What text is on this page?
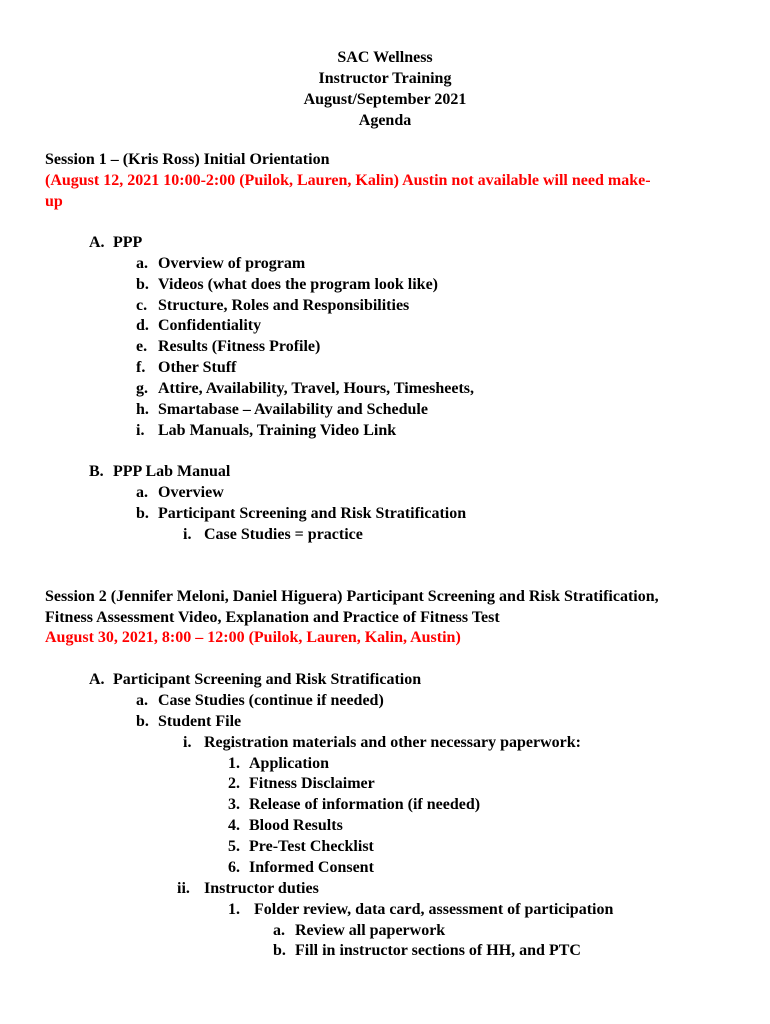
SAC Wellness
Instructor Training
August/September 2021
Agenda
Session 1 – (Kris Ross) Initial Orientation
(August 12, 2021 10:00-2:00 (Puilok, Lauren, Kalin) Austin not available will need make-
up
A. PPP
a. Overview of program
b. Videos (what does the program look like)
c. Structure, Roles and Responsibilities
d. Confidentiality
e. Results (Fitness Profile)
f. Other Stuff
g. Attire, Availability, Travel, Hours, Timesheets,
h. Smartabase – Availability and Schedule
i. Lab Manuals, Training Video Link
B. PPP Lab Manual
a. Overview
b. Participant Screening and Risk Stratification
i. Case Studies = practice
Session 2 (Jennifer Meloni, Daniel Higuera) Participant Screening and Risk Stratification,
Fitness Assessment Video, Explanation and Practice of Fitness Test
August 30, 2021, 8:00 – 12:00 (Puilok, Lauren, Kalin, Austin)
A. Participant Screening and Risk Stratification
a. Case Studies (continue if needed)
b. Student File
i. Registration materials and other necessary paperwork:
1. Application
2. Fitness Disclaimer
3. Release of information (if needed)
4. Blood Results
5. Pre-Test Checklist
6. Informed Consent
ii. Instructor duties
1. Folder review, data card, assessment of participation
a. Review all paperwork
b. Fill in instructor sections of HH, and PTC
